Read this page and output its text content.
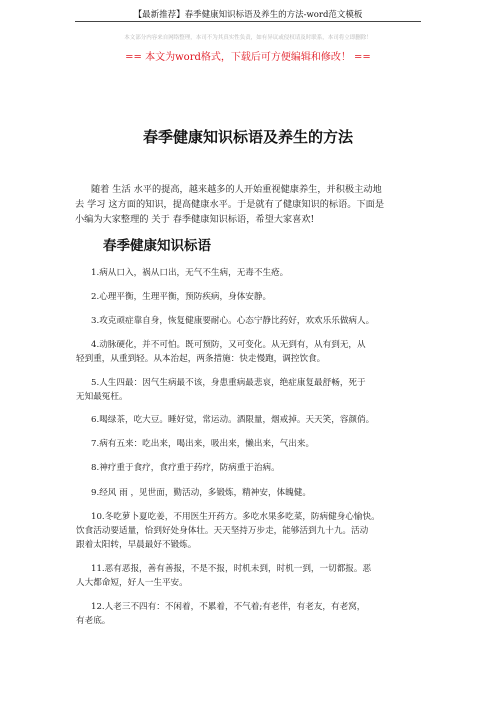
【最新推荐】春季健康知识标语及养生的方法-word范文模板
本文部分内容来自网络整理，本司不为其真实性负责，如有异议或侵权请及时联系，本司将立即删除！
== 本文为word格式，下载后可方便编辑和修改！ ==
春季健康知识标语及养生的方法
随着 生活 水平的提高，越来越多的人开始重视健康养生，并积极主动地
去 学习 这方面的知识，提高健康水平。于是就有了健康知识的标语。下面是
小编为大家整理的 关于 春季健康知识标语，希望大家喜欢!
春季健康知识标语
1.病从口入，祸从口出，无气不生病，无毒不生疮。
2.心理平衡，生理平衡，预防疾病，身体安静。
3.攻克顽症靠自身，恢复健康要耐心。心态宁静比药好，欢欢乐乐做病人。
4.动脉硬化，并不可怕。既可预防，又可变化。从无到有，从有到无，从
轻到重，从重到轻。从本治起，两条措施：快走慢跑，调控饮食。
5.人生四最：因气生病最不该，身患重病最悲哀，绝症康复最舒畅，死于
无知最冤枉。
6.喝绿茶，吃大豆。睡好觉，常运动。酒限量，烟戒掉。天天笑，容颜俏。
7.病有五来：吃出来，喝出来，吸出来，懒出来，气出来。
8.神疗重于食疗，食疗重于药疗，防病重于治病。
9.经风 雨 ，见世面，勤活动，多锻炼，精神安，体魄健。
10.冬吃萝卜夏吃姜，不用医生开药方。多吃水果多吃菜，防病健身心愉快。
饮食活动要适量，恰到好处身体壮。天天坚持万步走，能够活到九十九。活动
跟着太阳转，早晨最好不锻炼。
11.恶有恶报，善有善报，不是不报，时机未到，时机一到，一切都报。恶
人大都命短，好人一生平安。
12.人老三不四有：不闲着，不累着，不气着;有老伴，有老友，有老窝，
有老底。
